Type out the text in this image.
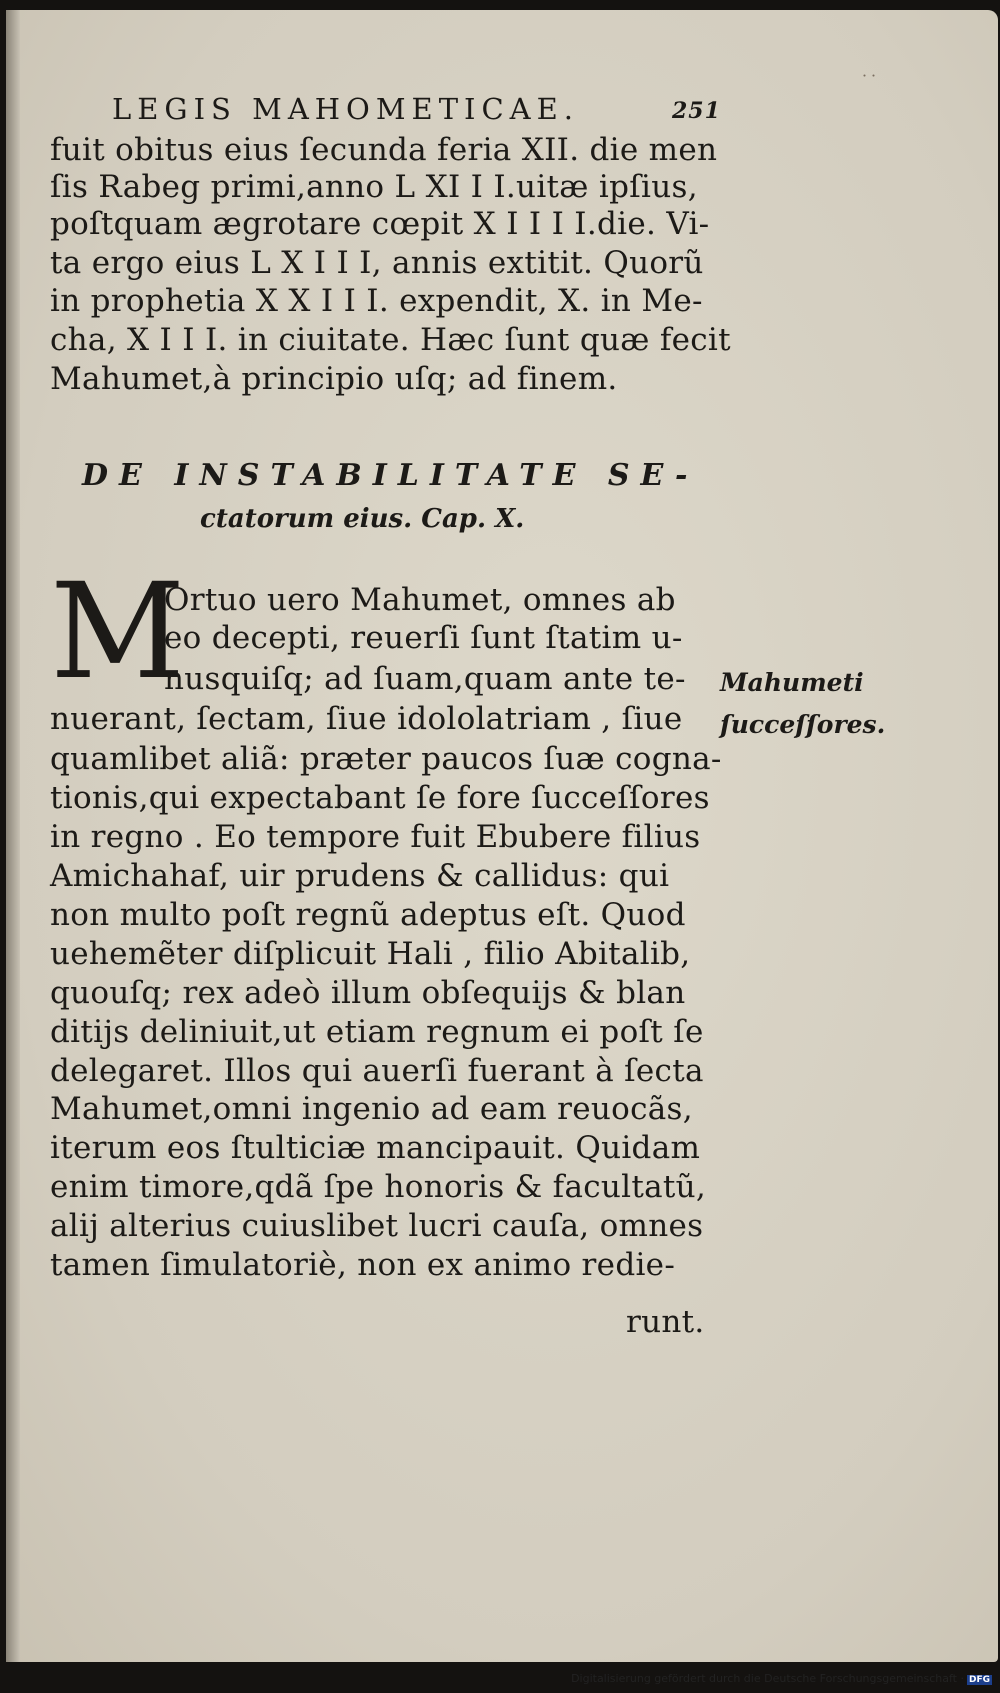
˙˙
LEGIS MAHOMETICAE.	251
fuit obitus eius ſecunda feria XII. die men
ſis Rabeg primi,anno L XI I I.uitæ ipſius,
poſtquam ægrotare cœpit X I I I I.die. Vi-
ta ergo eius L X I I I, annis extitit. Quorũ
in prophetia X X I I I. expendit, X. in Me-
cha, X I I I. in ciuitate. Hæc ſunt quæ fecit
Mahumet,à principio uſq; ad finem.
DE INSTABILITATE SE-
ctatorum eius. Cap. X.
M
Ortuo uero Mahumet, omnes ab
eo decepti, reuerſi ſunt ſtatim u-
nusquiſq; ad ſuam,quam ante te-
nuerant, ſectam, ſiue idololatriam , ſiue
quamlibet aliã: præter paucos ſuæ cogna-
tionis,qui expectabant ſe fore ſucceſſores
in regno . Eo tempore fuit Ebubere filius
Amichahaf, uir prudens & callidus: qui
non multo poſt regnũ adeptus eſt. Quod
uehemẽter diſplicuit Hali , filio Abitalib,
quouſq; rex adeò illum obſequijs & blan
ditijs deliniuit,ut etiam regnum ei poſt ſe
delegaret. Illos qui auerſi fuerant à ſecta
Mahumet,omni ingenio ad eam reuocãs,
iterum eos ſtulticiæ mancipauit. Quidam
enim timore,qdã ſpe honoris & facultatũ,
alij alterius cuiuslibet lucri cauſa, omnes
tamen ſimulatoriè, non ex animo redie-
runt.
Mahumeti
ſucceſſores.
Digitalisierung gefördert durch die Deutsche Forschungsgemeinschaft · DFG
